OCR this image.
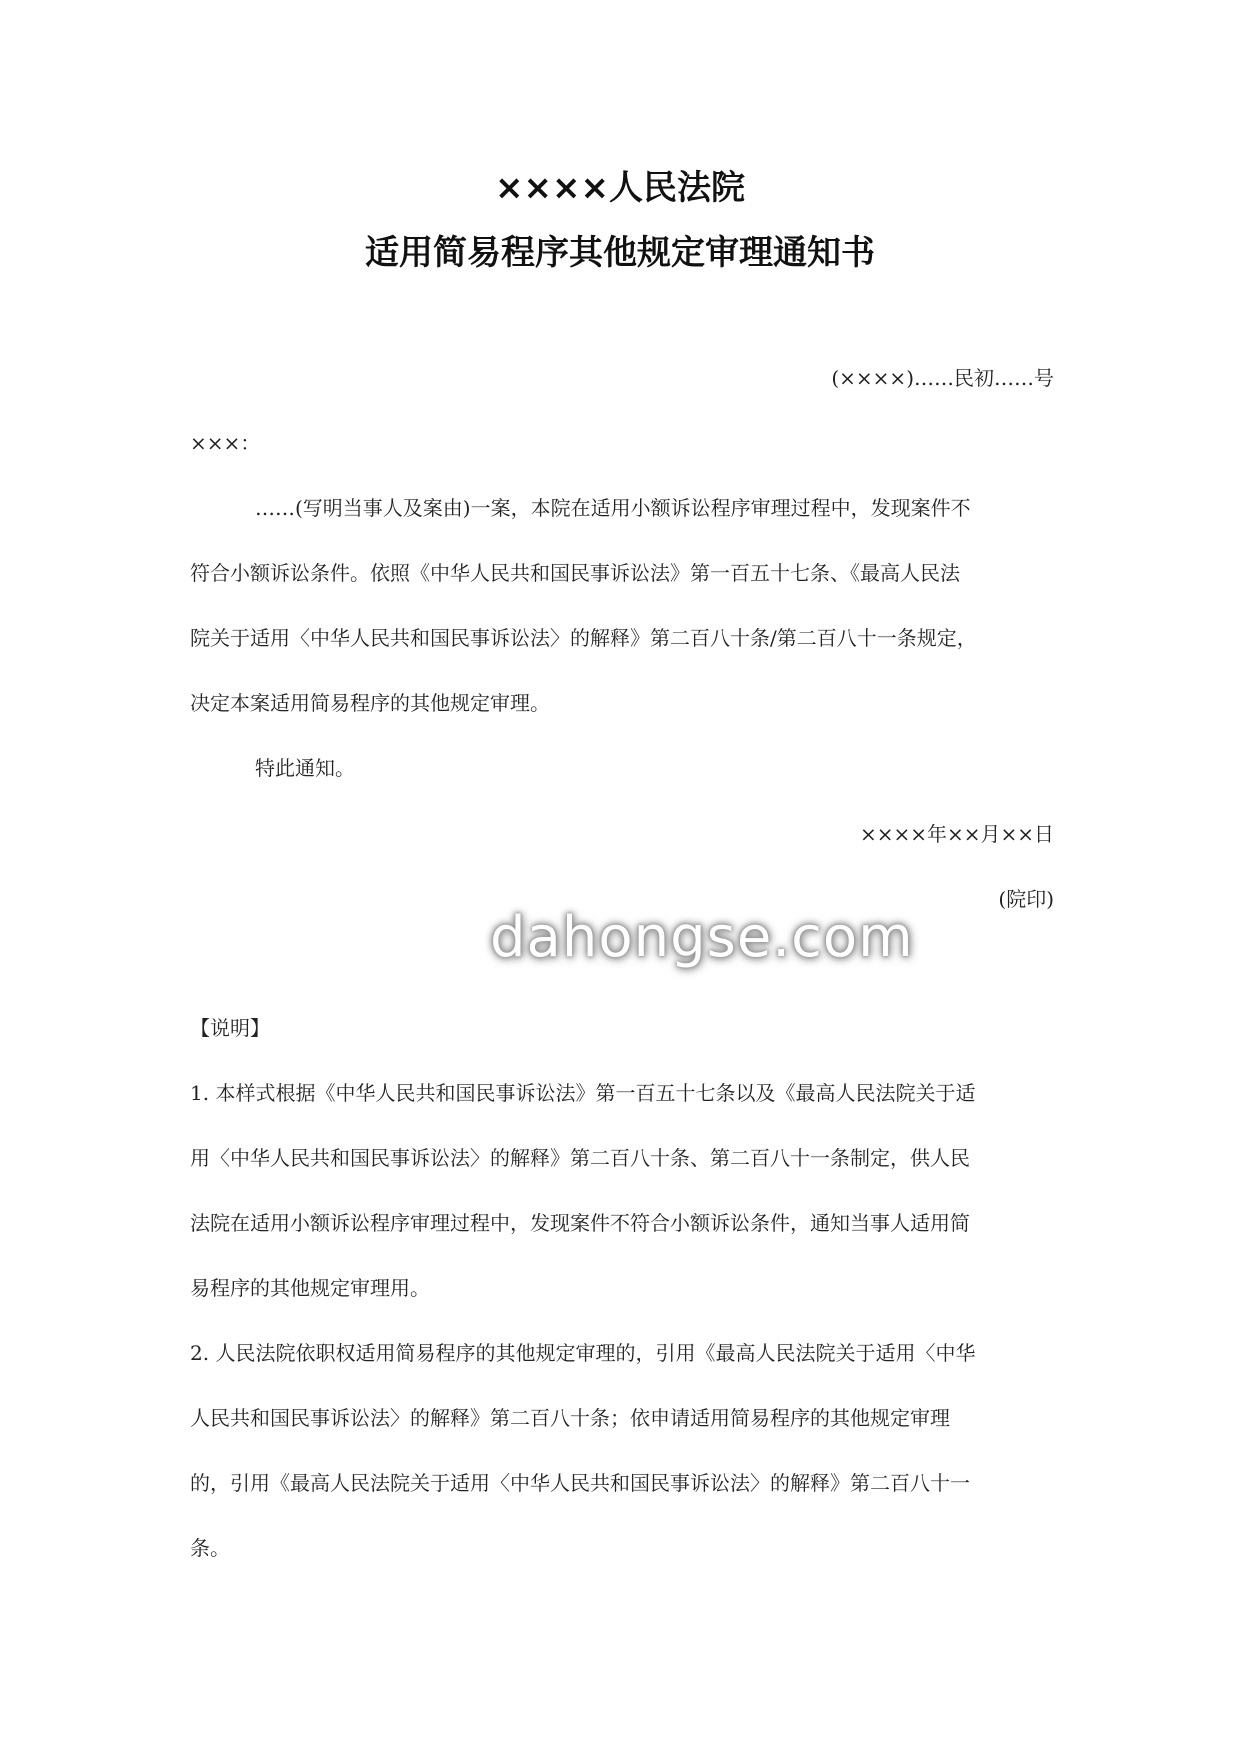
××××人民法院
适用简易程序其他规定审理通知书
(××××)……民初……号
×××：
……(写明当事人及案由)一案，本院在适用小额诉讼程序审理过程中，发现案件不
符合小额诉讼条件。依照《中华人民共和国民事诉讼法》第一百五十七条、《最高人民法
院关于适用〈中华人民共和国民事诉讼法〉的解释》第二百八十条/第二百八十一条规定，
决定本案适用简易程序的其他规定审理。
特此通知。
××××年××月××日
(院印)
dahongse.com
【说明】
1. 本样式根据《中华人民共和国民事诉讼法》第一百五十七条以及《最高人民法院关于适
用〈中华人民共和国民事诉讼法〉的解释》第二百八十条、第二百八十一条制定，供人民
法院在适用小额诉讼程序审理过程中，发现案件不符合小额诉讼条件，通知当事人适用简
易程序的其他规定审理用。
2. 人民法院依职权适用简易程序的其他规定审理的，引用《最高人民法院关于适用〈中华
人民共和国民事诉讼法〉的解释》第二百八十条；依申请适用简易程序的其他规定审理
的，引用《最高人民法院关于适用〈中华人民共和国民事诉讼法〉的解释》第二百八十一
条。
